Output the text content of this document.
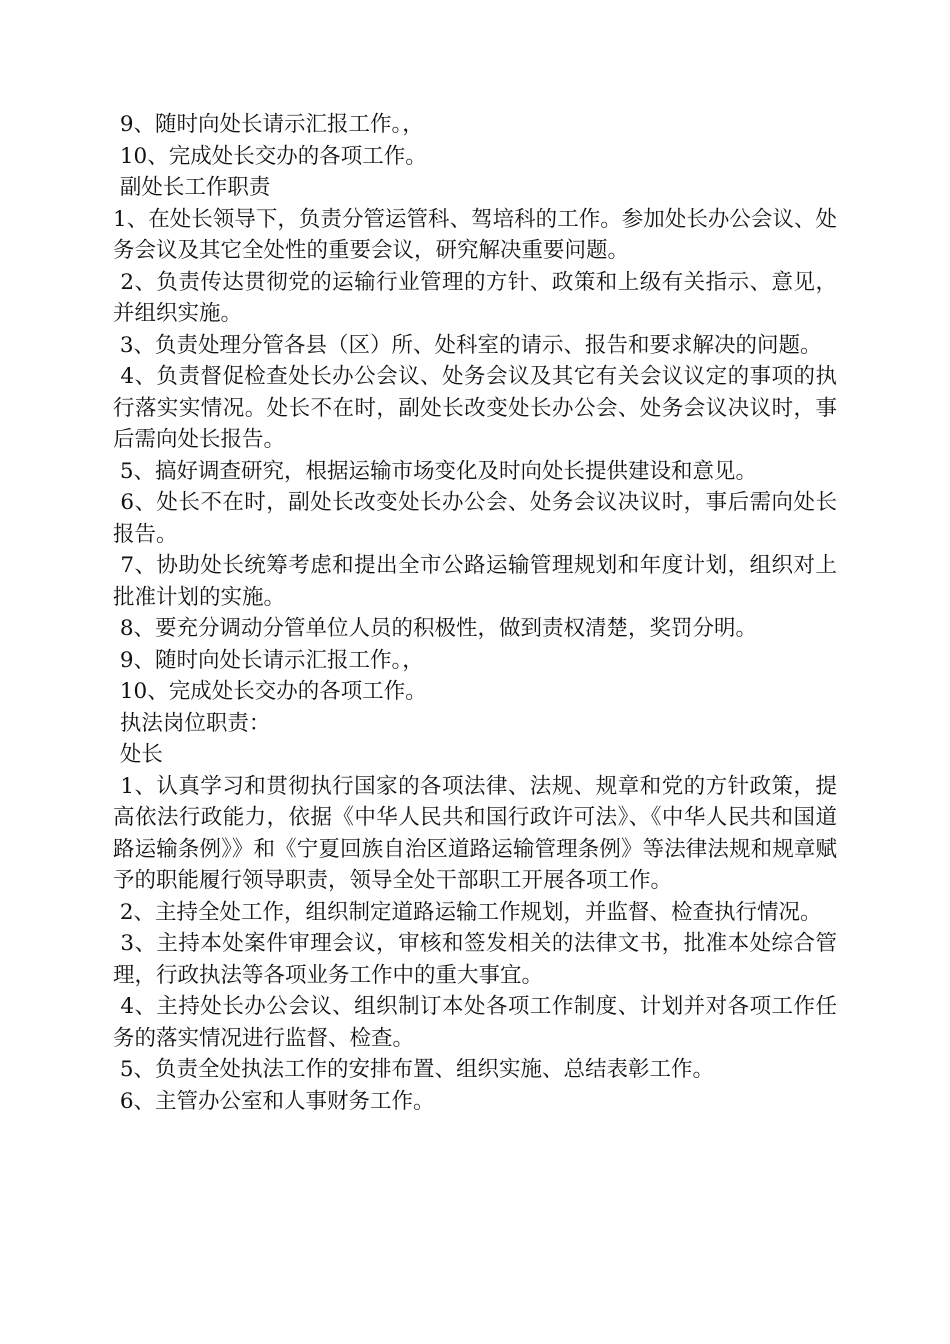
9、随时向处长请示汇报工作。，

10、完成处长交办的各项工作。

副处长工作职责

1、在处长领导下，负责分管运管科、驾培科的工作。参加处长办公会议、处务会议及其它全处性的重要会议，研究解决重要问题。

2、负责传达贯彻党的运输行业管理的方针、政策和上级有关指示、意见，并组织实施。

3、负责处理分管各县（区）所、处科室的请示、报告和要求解决的问题。

4、负责督促检查处长办公会议、处务会议及其它有关会议议定的事项的执行落实实情况。处长不在时，副处长改变处长办公会、处务会议决议时，事后需向处长报告。

5、搞好调查研究，根据运输市场变化及时向处长提供建设和意见。

6、处长不在时，副处长改变处长办公会、处务会议决议时，事后需向处长报告。

7、协助处长统筹考虑和提出全市公路运输管理规划和年度计划，组织对上批准计划的实施。

8、要充分调动分管单位人员的积极性，做到责权清楚，奖罚分明。

9、随时向处长请示汇报工作。，

10、完成处长交办的各项工作。

执法岗位职责：

处长

1、认真学习和贯彻执行国家的各项法律、法规、规章和党的方针政策，提高依法行政能力，依据《中华人民共和国行政许可法》、《中华人民共和国道路运输条例》》和《宁夏回族自治区道路运输管理条例》等法律法规和规章赋予的职能履行领导职责，领导全处干部职工开展各项工作。

2、主持全处工作，组织制定道路运输工作规划，并监督、检查执行情况。

3、主持本处案件审理会议，审核和签发相关的法律文书，批准本处综合管理，行政执法等各项业务工作中的重大事宜。

4、主持处长办公会议、组织制订本处各项工作制度、计划并对各项工作任务的落实情况进行监督、检查。

5、负责全处执法工作的安排布置、组织实施、总结表彰工作。

6、主管办公室和人事财务工作。
